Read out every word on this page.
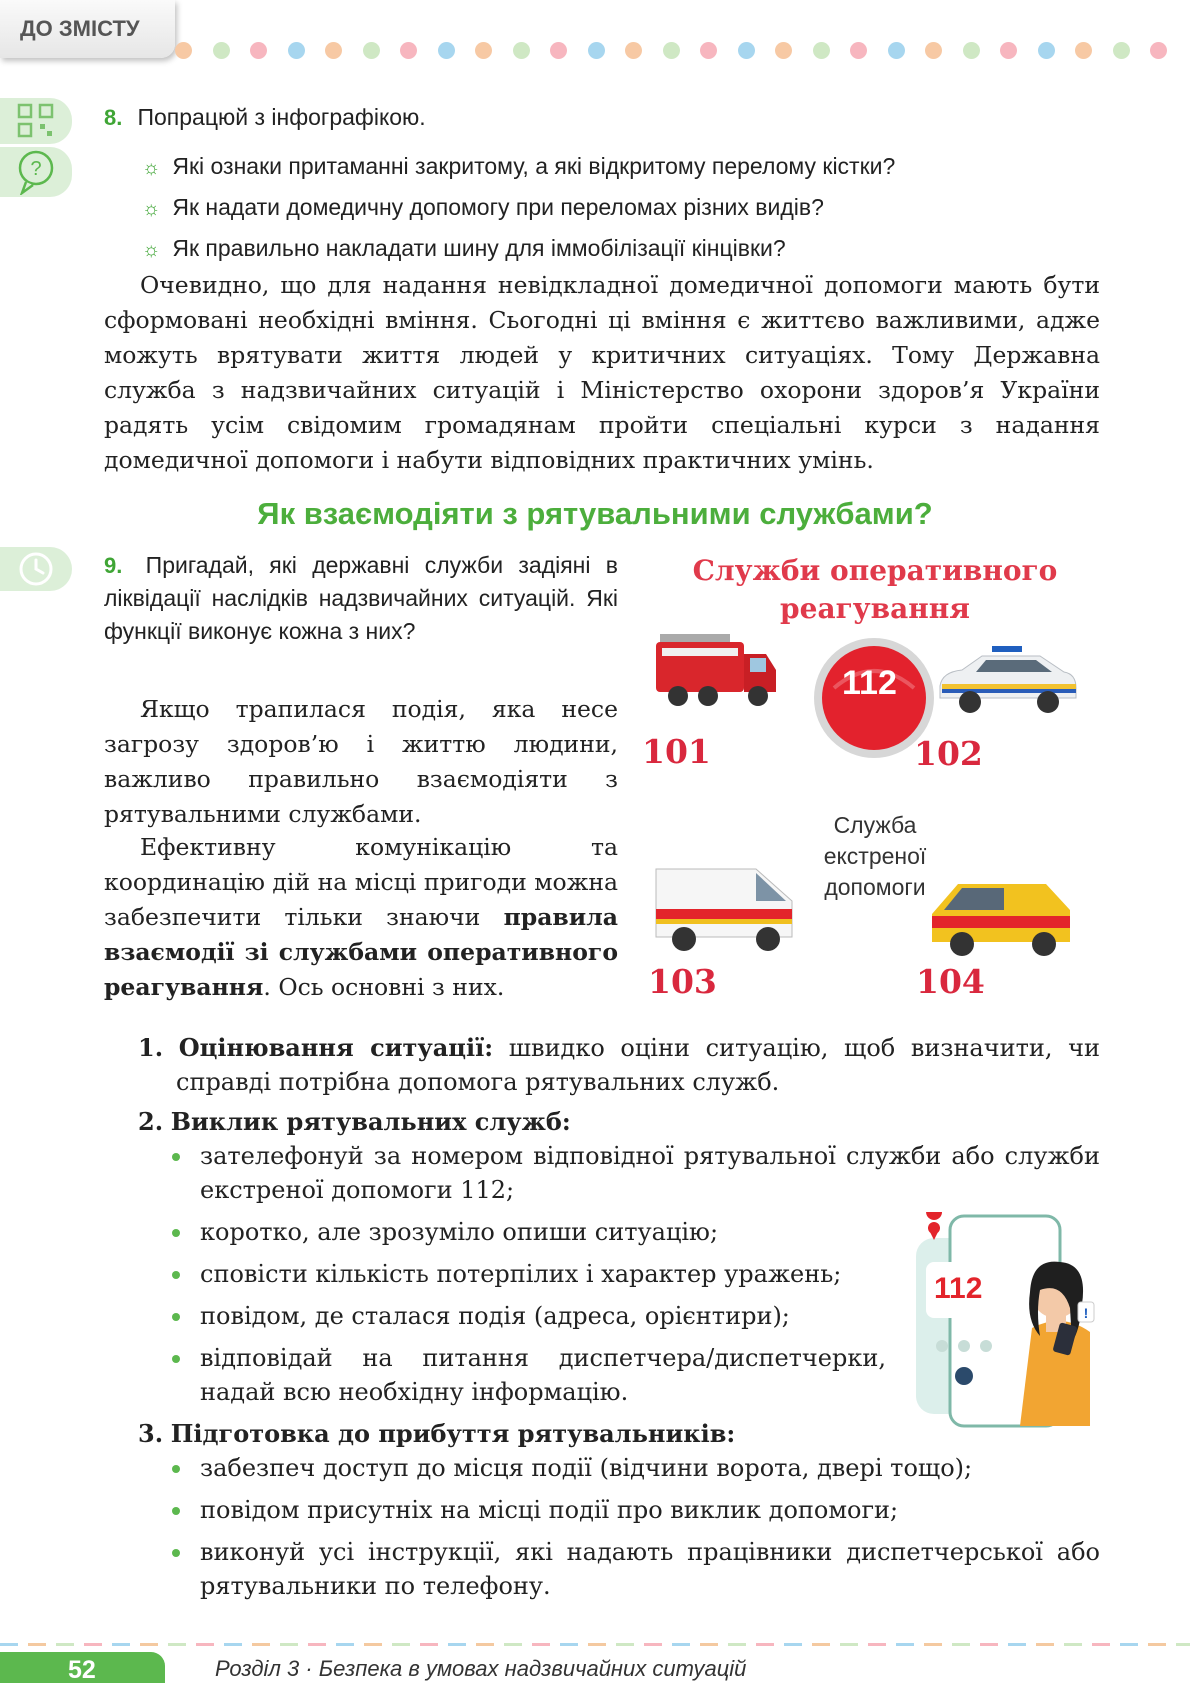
ДО ЗМІСТУ
?
8. Попрацюй з інфографікою.
☼ Які ознаки притаманні закритому, а які відкритому перелому кістки?
☼ Як надати домедичну допомогу при переломах різних видів?
☼ Як правильно накладати шину для іммобілізації кінцівки?

Очевидно, що для надання невідкладної домедичної допомоги мають бути сформовані необхідні вміння. Сьогодні ці вміння є життєво важливими, адже можуть врятувати життя людей у критичних ситуаціях. Тому Державна служба з надзвичайних ситуацій і Міністерство охорони здоров’я України радять усім свідомим громадянам пройти спеціальні курси з надання домедичної допомоги і набути відповідних практичних умінь.

Як взаємодіяти з рятувальними службами?
9. Пригадай, які державні служби задіяні в ліквідації наслідків надзвичайних ситуацій. Які функції виконує кожна з них?

Якщо трапилася подія, яка несе загрозу здоров’ю і життю людини, важливо правильно взаємодіяти з рятувальними службами.

Ефективну комунікацію та координацію дій на місці пригоди можна забезпечити тільки знаючи правила взаємодії зі службами оперативного реагування. Ось основні з них.

Служби оперативного
реагування
112
101	102
Служба
екстреної
допомоги
103	104
1. Оцінювання ситуації: швидко оціни ситуацію, щоб визначити, чи справді потрібна допомога рятувальних служб.
2. Виклик рятувальних служб:
зателефонуй за номером відповідної рятувальної служби або служби екстреної допомоги 112;
коротко, але зрозуміло опиши ситуацію;
сповісти кількість потерпілих і характер уражень;
повідом, де сталася подія (адреса, орієнтири);
відповідай на питання диспетчера/диспетчерки, надай всю необхідну інформацію.
3. Підготовка до прибуття рятувальників:
забезпеч доступ до місця події (відчини ворота, двері тощо);
повідом присутніх на місці події про виклик допомоги;
виконуй усі інструкції, які надають працівники диспетчерської або рятувальники по телефону.
!
112
52	Розділ 3 · Безпека в умовах надзвичайних ситуацій
